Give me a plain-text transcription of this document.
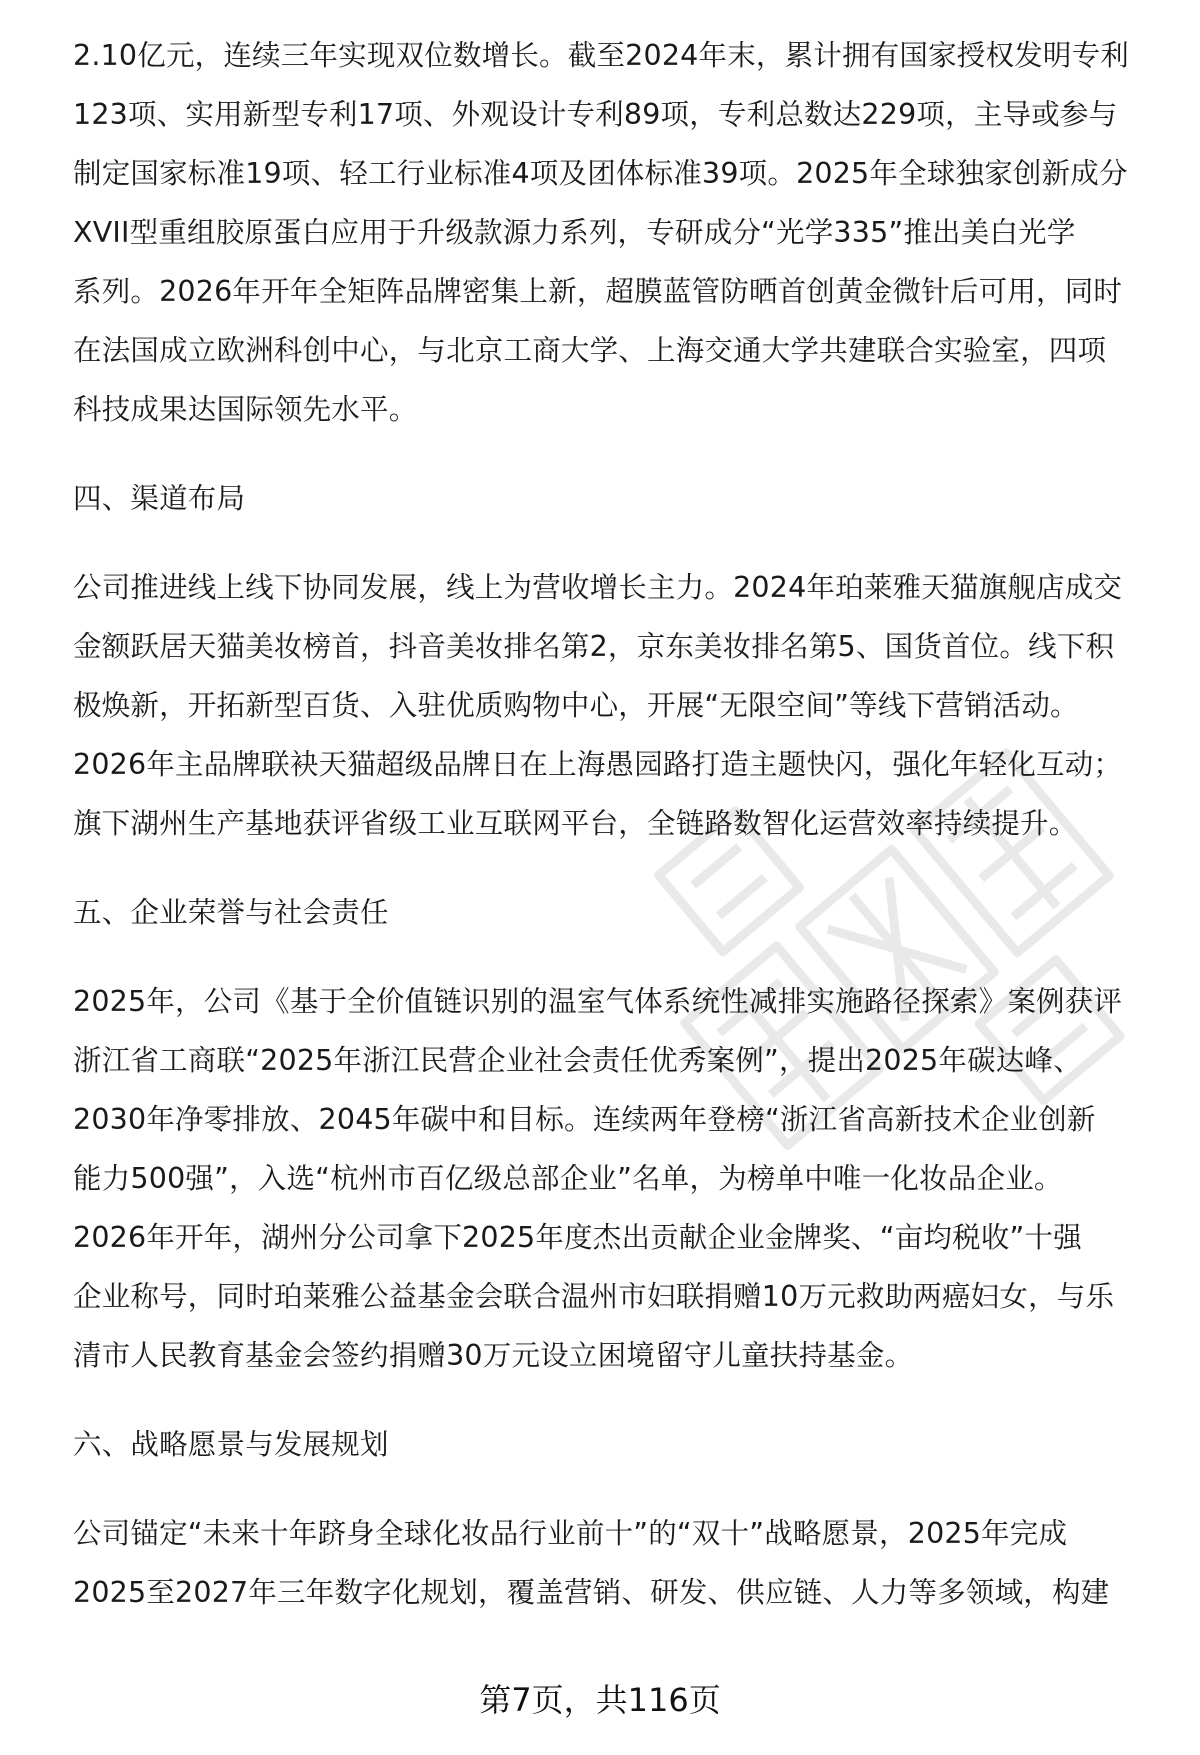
2.10亿元，连续三年实现双位数增长。截至2024年末，累计拥有国家授权发明专利
123项、实用新型专利17项、外观设计专利89项，专利总数达229项，主导或参与
制定国家标准19项、轻工行业标准4项及团体标准39项。2025年全球独家创新成分
XVII型重组胶原蛋白应用于升级款源力系列，专研成分“光学335”推出美白光学
系列。2026年开年全矩阵品牌密集上新，超膜蓝管防晒首创黄金微针后可用，同时
在法国成立欧洲科创中心，与北京工商大学、上海交通大学共建联合实验室，四项
科技成果达国际领先水平。

四、渠道布局

公司推进线上线下协同发展，线上为营收增长主力。2024年珀莱雅天猫旗舰店成交
金额跃居天猫美妆榜首，抖音美妆排名第2，京东美妆排名第5、国货首位。线下积
极焕新，开拓新型百货、入驻优质购物中心，开展“无限空间”等线下营销活动。
2026年主品牌联袂天猫超级品牌日在上海愚园路打造主题快闪，强化年轻化互动；
旗下湖州生产基地获评省级工业互联网平台，全链路数智化运营效率持续提升。

五、企业荣誉与社会责任

2025年，公司《基于全价值链识别的温室气体系统性减排实施路径探索》案例获评
浙江省工商联“2025年浙江民营企业社会责任优秀案例”，提出2025年碳达峰、
2030年净零排放、2045年碳中和目标。连续两年登榜“浙江省高新技术企业创新
能力500强”，入选“杭州市百亿级总部企业”名单，为榜单中唯一化妆品企业。
2026年开年，湖州分公司拿下2025年度杰出贡献企业金牌奖、“亩均税收”十强
企业称号，同时珀莱雅公益基金会联合温州市妇联捐赠10万元救助两癌妇女，与乐
清市人民教育基金会签约捐赠30万元设立困境留守儿童扶持基金。

六、战略愿景与发展规划

公司锚定“未来十年跻身全球化妆品行业前十”的“双十”战略愿景，2025年完成
2025至2027年三年数字化规划，覆盖营销、研发、供应链、人力等多领域，构建

第7页，共116页
